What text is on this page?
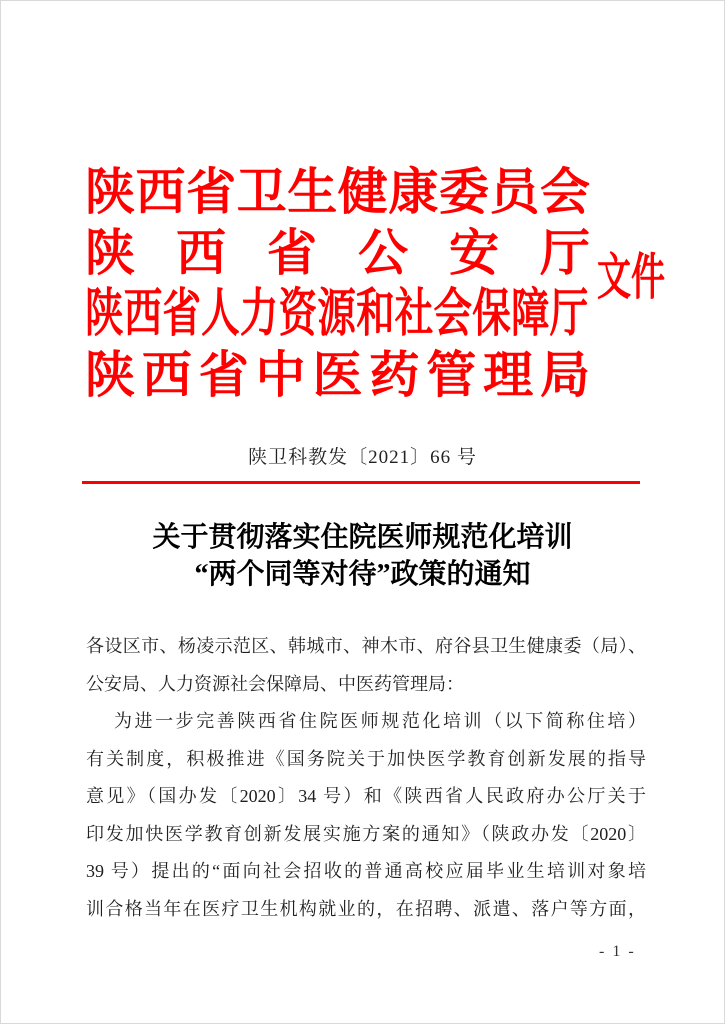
陕西省卫生健康委员会
陕西省公安厅
陕西省人力资源和社会保障厅
陕西省中医药管理局
文件
陕卫科教发〔2021〕66 号
关于贯彻落实住院医师规范化培训
“两个同等对待”政策的通知
各设区市、杨凌示范区、韩城市、神木市、府谷县卫生健康委（局）、
公安局、人力资源社会保障局、中医药管理局：
为进一步完善陕西省住院医师规范化培训（以下简称住培）
有关制度，积极推进《国务院关于加快医学教育创新发展的指导
意见》（国办发〔2020〕34 号）和《陕西省人民政府办公厅关于
印发加快医学教育创新发展实施方案的通知》（陕政办发〔2020〕
39 号）提出的“面向社会招收的普通高校应届毕业生培训对象培
训合格当年在医疗卫生机构就业的，在招聘、派遣、落户等方面，
- 1 -
